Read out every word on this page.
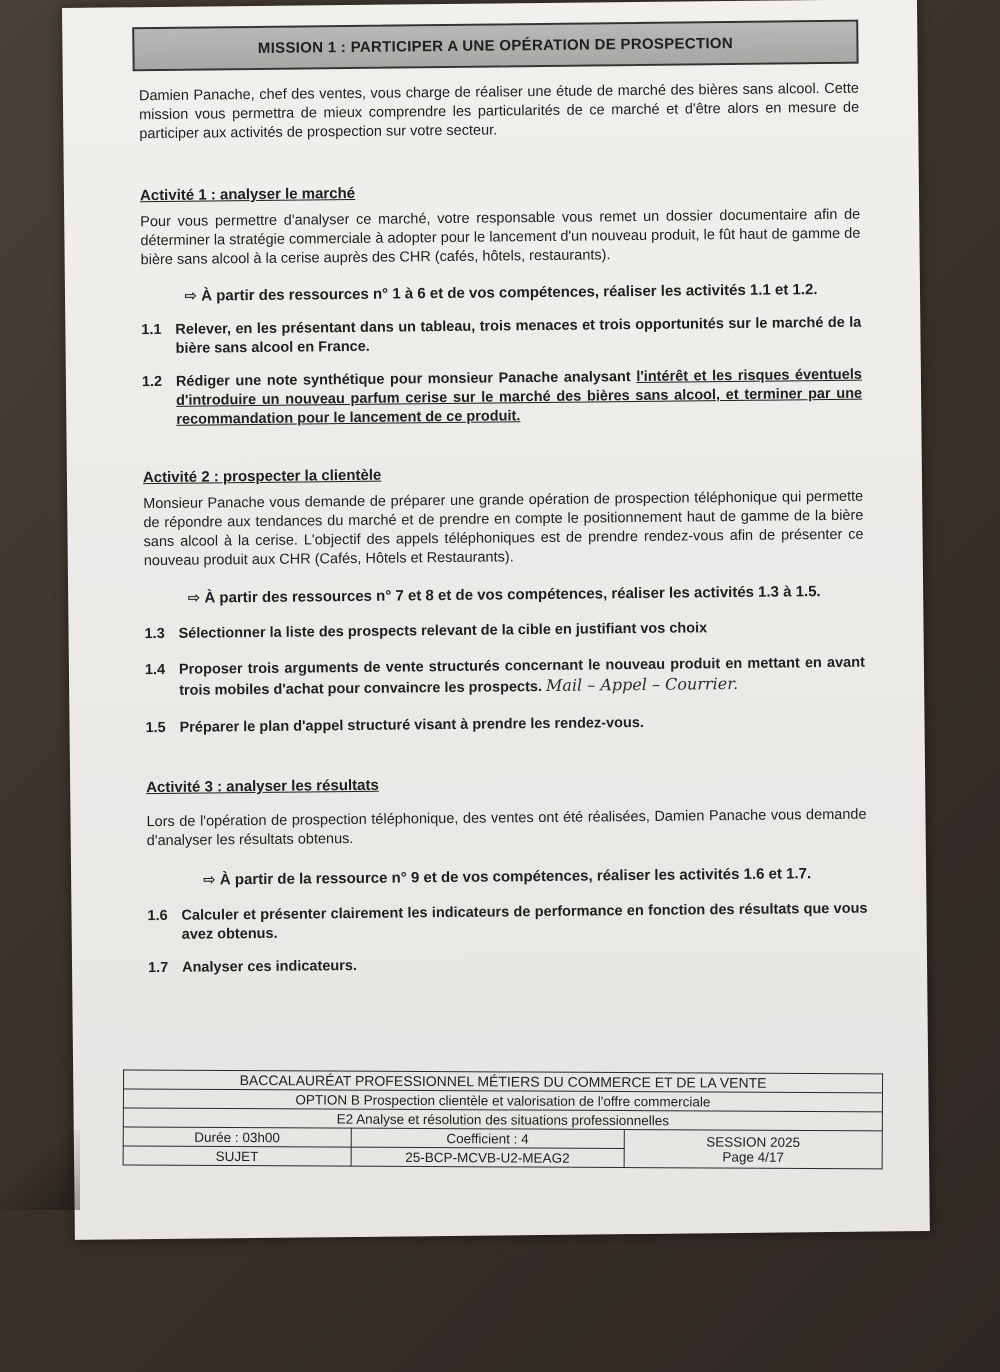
MISSION 1 : PARTICIPER A UNE OPÉRATION DE PROSPECTION
Damien Panache, chef des ventes, vous charge de réaliser une étude de marché des bières sans alcool. Cette mission vous permettra de mieux comprendre les particularités de ce marché et d'être alors en mesure de participer aux activités de prospection sur votre secteur.
Activité 1 : analyser le marché
Pour vous permettre d'analyser ce marché, votre responsable vous remet un dossier documentaire afin de déterminer la stratégie commerciale à adopter pour le lancement d'un nouveau produit, le fût haut de gamme de bière sans alcool à la cerise auprès des CHR (cafés, hôtels, restaurants).
⇨ À partir des ressources n° 1 à 6 et de vos compétences, réaliser les activités 1.1 et 1.2.
1.1 Relever, en les présentant dans un tableau, trois menaces et trois opportunités sur le marché de la bière sans alcool en France.
1.2 Rédiger une note synthétique pour monsieur Panache analysant l'intérêt et les risques éventuels d'introduire un nouveau parfum cerise sur le marché des bières sans alcool, et terminer par une recommandation pour le lancement de ce produit.
Activité 2 : prospecter la clientèle
Monsieur Panache vous demande de préparer une grande opération de prospection téléphonique qui permette de répondre aux tendances du marché et de prendre en compte le positionnement haut de gamme de la bière sans alcool à la cerise. L'objectif des appels téléphoniques est de prendre rendez-vous afin de présenter ce nouveau produit aux CHR (Cafés, Hôtels et Restaurants).
⇨ À partir des ressources n° 7 et 8 et de vos compétences, réaliser les activités 1.3 à 1.5.
1.3 Sélectionner la liste des prospects relevant de la cible en justifiant vos choix
1.4 Proposer trois arguments de vente structurés concernant le nouveau produit en mettant en avant trois mobiles d'achat pour convaincre les prospects. Mail – Appel – Courrier.
1.5 Préparer le plan d'appel structuré visant à prendre les rendez-vous.
Activité 3 : analyser les résultats
Lors de l'opération de prospection téléphonique, des ventes ont été réalisées, Damien Panache vous demande d'analyser les résultats obtenus.
⇨ À partir de la ressource n° 9 et de vos compétences, réaliser les activités 1.6 et 1.7.
1.6 Calculer et présenter clairement les indicateurs de performance en fonction des résultats que vous avez obtenus.
1.7 Analyser ces indicateurs.
BACCALAURÉAT PROFESSIONNEL MÉTIERS DU COMMERCE ET DE LA VENTE		
OPTION B Prospection clientèle et valorisation de l'offre commerciale		
E2 Analyse et résolution des situations professionnelles		
Durée : 03h00	Coefficient : 4	SESSION 2025
Page 4/17

SUJET	25-BCP-MCVB-U2-MEAG2	
